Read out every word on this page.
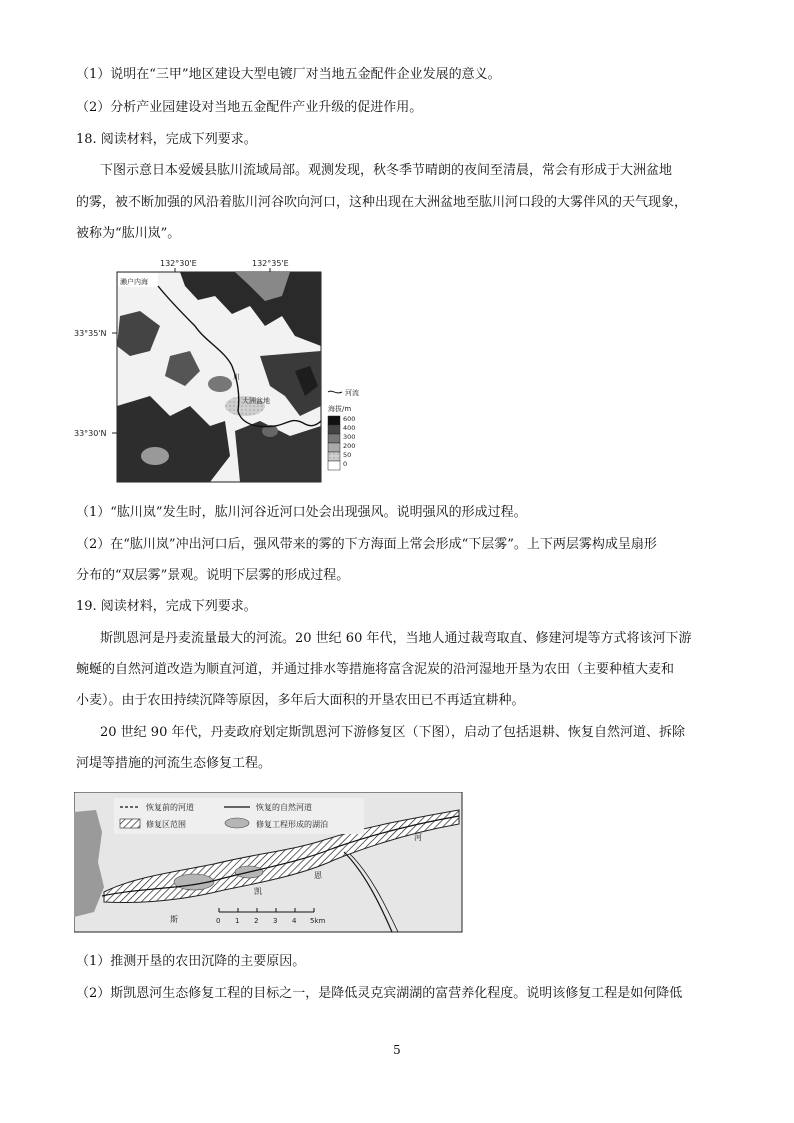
（1）说明在“三甲”地区建设大型电镀厂对当地五金配件企业发展的意义。
（2）分析产业园建设对当地五金配件产业升级的促进作用。
18. 阅读材料，完成下列要求。
下图示意日本爱媛县肱川流域局部。观测发现，秋冬季节晴朗的夜间至清晨，常会有形成于大洲盆地
的雾，被不断加强的风沿着肱川河谷吹向河口，这种出现在大洲盆地至肱川河口段的大雾伴风的天气现象，
被称为“肱川岚”。
濑户内海
川
大洲盆地
132°30'E	132°35'E
33°35'N
33°30'N
河流
海拔/m
600
400
300
200
50
0
（1）“肱川岚”发生时，肱川河谷近河口处会出现强风。说明强风的形成过程。
（2）在“肱川岚”冲出河口后，强风带来的雾的下方海面上常会形成“下层雾”。上下两层雾构成呈扇形
分布的“双层雾”景观。说明下层雾的形成过程。
19. 阅读材料，完成下列要求。
斯凯恩河是丹麦流量最大的河流。20 世纪 60 年代，当地人通过裁弯取直、修建河堤等方式将该河下游
蜿蜒的自然河道改造为顺直河道，并通过排水等措施将富含泥炭的沿河湿地开垦为农田（主要种植大麦和
小麦）。由于农田持续沉降等原因，多年后大面积的开垦农田已不再适宜耕种。
20 世纪 90 年代，丹麦政府划定斯凯恩河下游修复区（下图），启动了包括退耕、恢复自然河道、拆除
河堤等措施的河流生态修复工程。
恢复前的河道	恢复的自然河道
修复区范围	修复工程形成的湖泊
凯
恩
河
斯	0 1 2 3 4 5km
（1）推测开垦的农田沉降的主要原因。
（2）斯凯恩河生态修复工程的目标之一，是降低灵克宾湖湖的富营养化程度。说明该修复工程是如何降低
5
